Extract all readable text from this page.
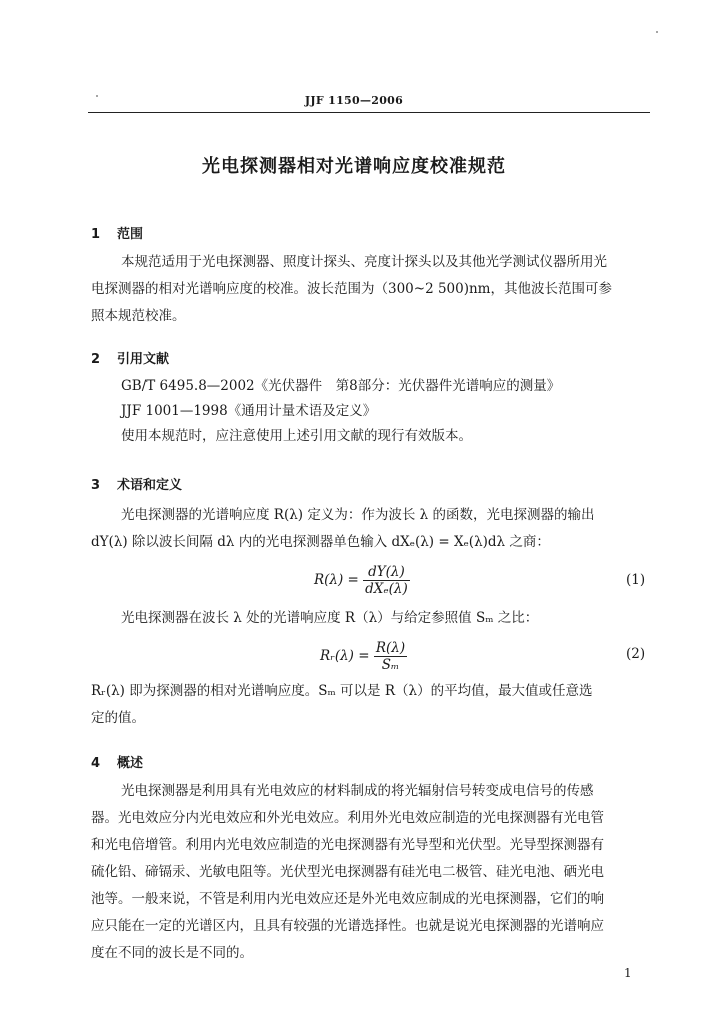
JJF 1150—2006
光电探测器相对光谱响应度校准规范
1 范围
本规范适用于光电探测器、照度计探头、亮度计探头以及其他光学测试仪器所用光
电探测器的相对光谱响应度的校准。波长范围为（300~2 500)nm，其他波长范围可参
照本规范校准。
2 引用文献
GB/T 6495.8—2002《光伏器件　第8部分：光伏器件光谱响应的测量》
JJF 1001—1998《通用计量术语及定义》
使用本规范时，应注意使用上述引用文献的现行有效版本。
3 术语和定义
光电探测器的光谱响应度 R(λ) 定义为：作为波长 λ 的函数，光电探测器的输出
dY(λ) 除以波长间隔 dλ 内的光电探测器单色输入 dXₑ(λ) = Xₑ(λ)dλ 之商：
$R(\lambda) = \frac{dY(\lambda)}{\text{dXₑ(λ)}}$	(1)
光电探测器在波长 λ 处的光谱响应度 R（λ）与给定参照值 Sₘ 之比：
Rᵣ(λ) = $\frac{R(\lambda)}{\text{Sₘ}}$	(2)
Rᵣ(λ) 即为探测器的相对光谱响应度。Sₘ 可以是 R（λ）的平均值，最大值或任意选
定的值。
4 概述
光电探测器是利用具有光电效应的材料制成的将光辐射信号转变成电信号的传感
器。光电效应分内光电效应和外光电效应。利用外光电效应制造的光电探测器有光电管
和光电倍增管。利用内光电效应制造的光电探测器有光导型和光伏型。光导型探测器有
硫化铅、碲镉汞、光敏电阻等。光伏型光电探测器有硅光电二极管、硅光电池、硒光电
池等。一般来说，不管是利用内光电效应还是外光电效应制成的光电探测器，它们的响
应只能在一定的光谱区内，且具有较强的光谱选择性。也就是说光电探测器的光谱响应
度在不同的波长是不同的。
1
